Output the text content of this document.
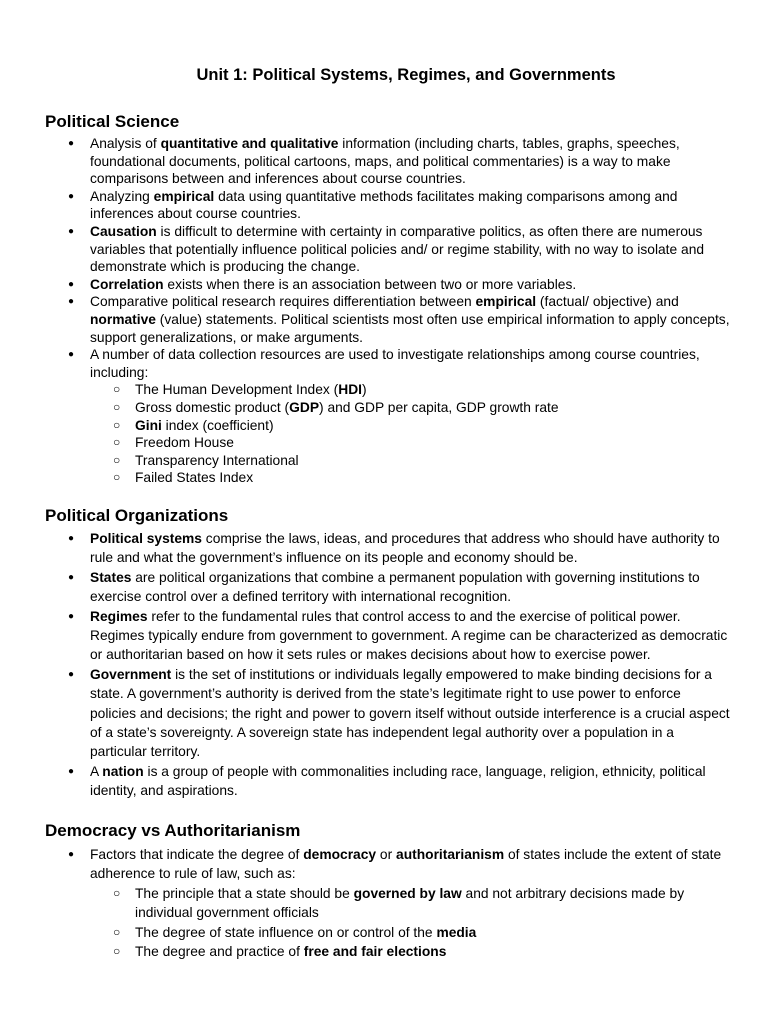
Unit 1: Political Systems, Regimes, and Governments
Political Science
● Analysis of quantitative and qualitative information (including charts, tables, graphs, speeches, foundational documents, political cartoons, maps, and political commentaries) is a way to make comparisons between and inferences about course countries.
● Analyzing empirical data using quantitative methods facilitates making comparisons among and inferences about course countries.
● Causation is difficult to determine with certainty in comparative politics, as often there are numerous variables that potentially influence political policies and/ or regime stability, with no way to isolate and demonstrate which is producing the change.
● Correlation exists when there is an association between two or more variables.
● Comparative political research requires differentiation between empirical (factual/ objective) and normative (value) statements. Political scientists most often use empirical information to apply concepts, support generalizations, or make arguments.
● A number of data collection resources are used to investigate relationships among course countries, including:
○ The Human Development Index (HDI)
○ Gross domestic product (GDP) and GDP per capita, GDP growth rate
○ Gini index (coefficient)
○ Freedom House
○ Transparency International
○ Failed States Index
Political Organizations
● Political systems comprise the laws, ideas, and procedures that address who should have authority to rule and what the government’s influence on its people and economy should be.
● States are political organizations that combine a permanent population with governing institutions to exercise control over a defined territory with international recognition.
● Regimes refer to the fundamental rules that control access to and the exercise of political power. Regimes typically endure from government to government. A regime can be characterized as democratic or authoritarian based on how it sets rules or makes decisions about how to exercise power.
● Government is the set of institutions or individuals legally empowered to make binding decisions for a state. A government’s authority is derived from the state’s legitimate right to use power to enforce policies and decisions; the right and power to govern itself without outside interference is a crucial aspect of a state’s sovereignty. A sovereign state has independent legal authority over a population in a particular territory.
● A nation is a group of people with commonalities including race, language, religion, ethnicity, political identity, and aspirations.
Democracy vs Authoritarianism
● Factors that indicate the degree of democracy or authoritarianism of states include the extent of state adherence to rule of law, such as:
○ The principle that a state should be governed by law and not arbitrary decisions made by individual government officials
○ The degree of state influence on or control of the media
○ The degree and practice of free and fair elections
